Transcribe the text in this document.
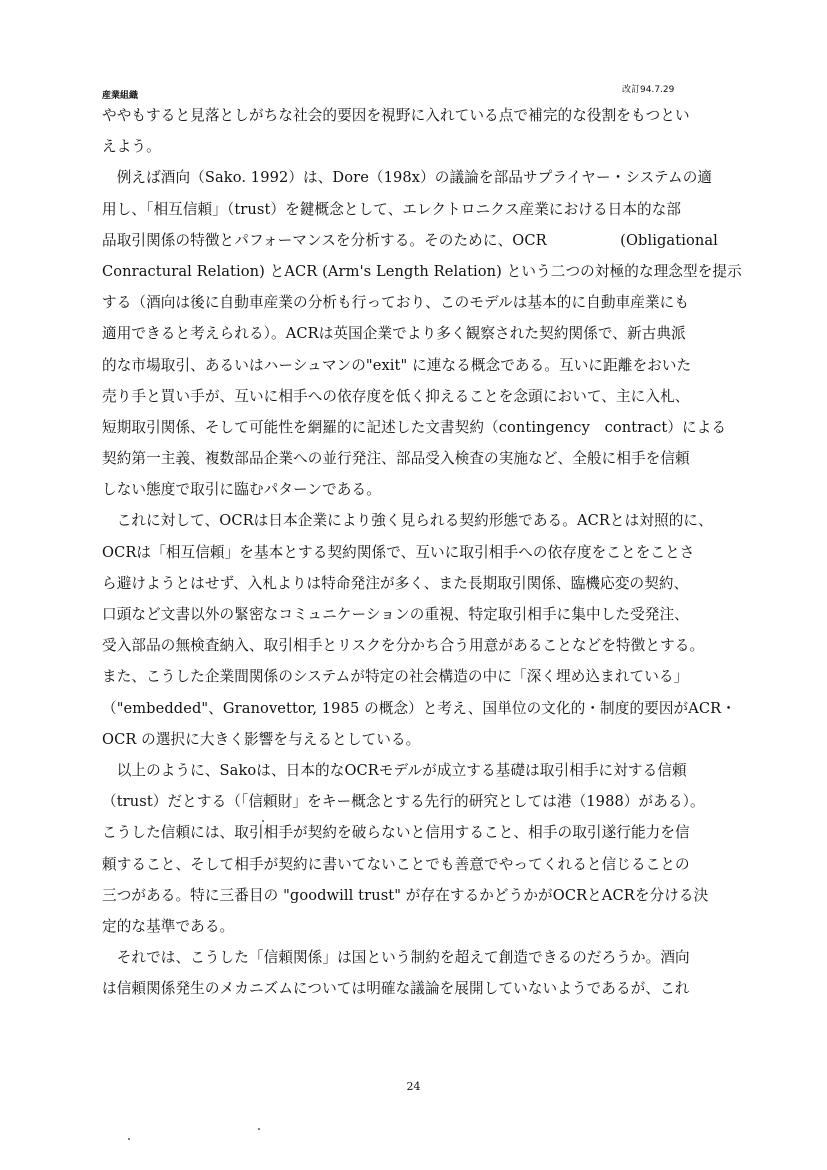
産業組織
改訂94.7.29
ややもすると見落としがちな社会的要因を視野に入れている点で補完的な役割をもつとい
えよう。
　例えば酒向（Sako. 1992）は、Dore（198x）の議論を部品サプライヤー・システムの適
用し、「相互信頼」（trust）を鍵概念として、エレクトロニクス産業における日本的な部
品取引関係の特徴とパフォーマンスを分析する。そのために、OCR　　　　　(Obligational
Conractural Relation) とACR (Arm's Length Relation) という二つの対極的な理念型を提示
する（酒向は後に自動車産業の分析も行っており、このモデルは基本的に自動車産業にも
適用できると考えられる）。ACRは英国企業でより多く観察された契約関係で、新古典派
的な市場取引、あるいはハーシュマンの"exit" に連なる概念である。互いに距離をおいた
売り手と買い手が、互いに相手への依存度を低く抑えることを念頭において、主に入札、
短期取引関係、そして可能性を網羅的に記述した文書契約（contingency　contract）による
契約第一主義、複数部品企業への並行発注、部品受入検査の実施など、全般に相手を信頼
しない態度で取引に臨むパターンである。
　これに対して、OCRは日本企業により強く見られる契約形態である。ACRとは対照的に、
OCRは「相互信頼」を基本とする契約関係で、互いに取引相手への依存度をことをことさ
ら避けようとはせず、入札よりは特命発注が多く、また長期取引関係、臨機応変の契約、
口頭など文書以外の緊密なコミュニケーションの重視、特定取引相手に集中した受発注、
受入部品の無検査納入、取引相手とリスクを分かち合う用意があることなどを特徴とする。
また、こうした企業間関係のシステムが特定の社会構造の中に「深く埋め込まれている」
（"embedded"、Granovettor, 1985 の概念）と考え、国単位の文化的・制度的要因がACR・
OCR の選択に大きく影響を与えるとしている。
　以上のように、Sakoは、日本的なOCRモデルが成立する基礎は取引相手に対する信頼
（trust）だとする（「信頼財」をキー概念とする先行的研究としては港（1988）がある）。
こうした信頼には、取引相手が契約を破らないと信用すること、相手の取引遂行能力を信
頼すること、そして相手が契約に書いてないことでも善意でやってくれると信じることの
三つがある。特に三番目の "goodwill trust" が存在するかどうかがOCRとACRを分ける決
定的な基準である。
　それでは、こうした「信頼関係」は国という制約を超えて創造できるのだろうか。酒向
は信頼関係発生のメカニズムについては明確な議論を展開していないようであるが、これ
24
